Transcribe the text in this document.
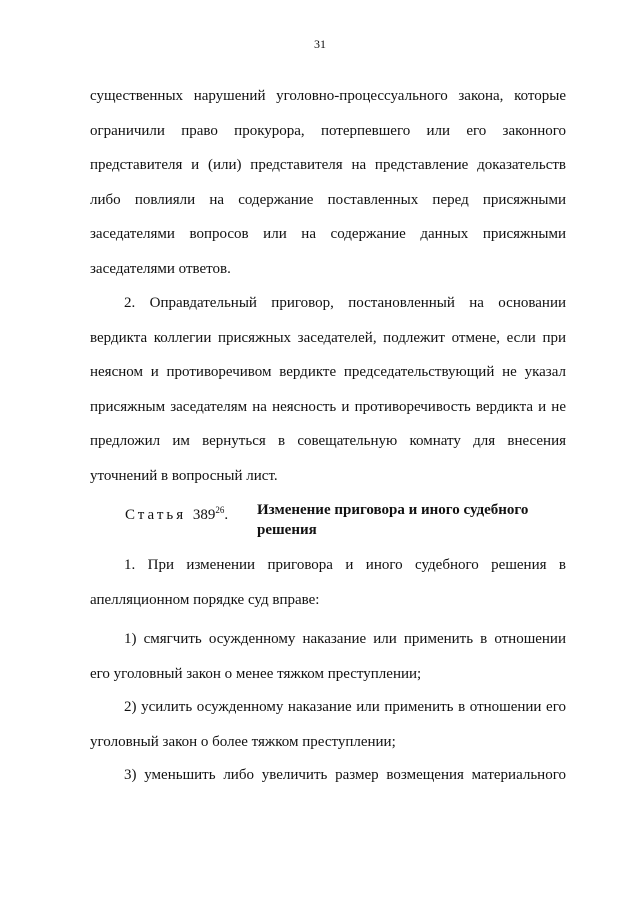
31

существенных нарушений уголовно-процессуального закона, которые ограничили право прокурора, потерпевшего или его законного представителя и (или) представителя на представление доказательств либо повлияли на содержание поставленных перед присяжными заседателями вопросов или на содержание данных присяжными заседателями ответов.

2. Оправдательный приговор, постановленный на основании вердикта коллегии присяжных заседателей, подлежит отмене, если при неясном и противоречивом вердикте председательствующий не указал присяжным заседателям на неясность и противоречивость вердикта и не предложил им вернуться в совещательную комнату для внесения уточнений в вопросный лист.

Статья $389^{26}$. Изменение приговора и иного судебного решения

1. При изменении приговора и иного судебного решения в апелляционном порядке суд вправе:

1) смягчить осужденному наказание или применить в отношении его уголовный закон о менее тяжком преступлении;

2) усилить осужденному наказание или применить в отношении его уголовный закон о более тяжком преступлении;

3) уменьшить либо увеличить размер возмещения материального
